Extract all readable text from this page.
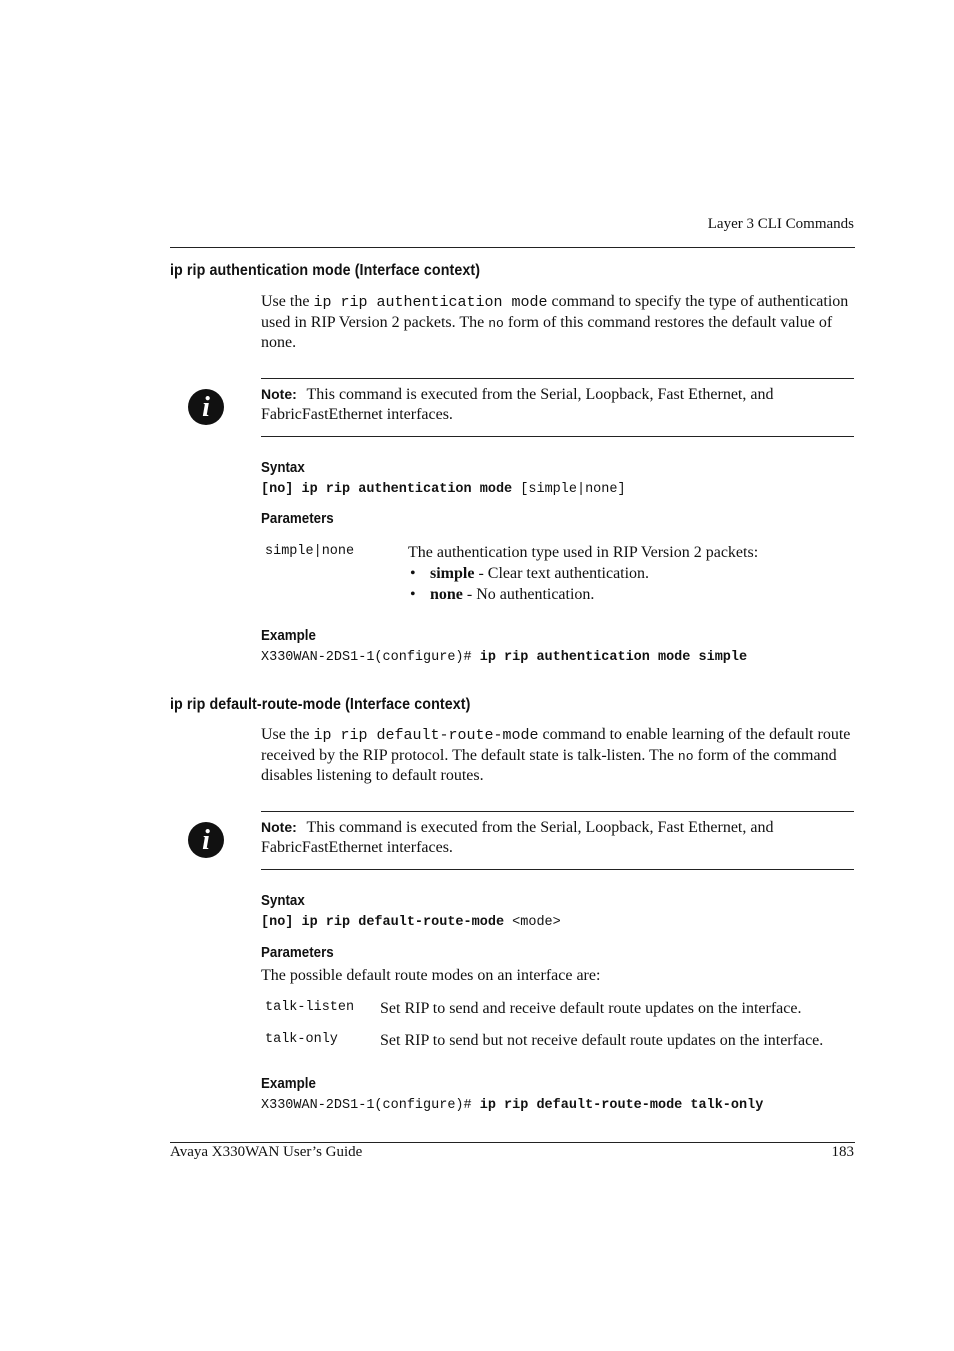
Layer 3 CLI Commands
ip rip authentication mode (Interface context)
Use the ip rip authentication mode command to specify the type of authentication used in RIP Version 2 packets. The no form of this command restores the default value of none.
i	Note: This command is executed from the Serial, Loopback, Fast Ethernet, and FabricFastEthernet interfaces.
Syntax
[no] ip rip authentication mode [simple|none]
Parameters
simple|none	The authentication type used in RIP Version 2 packets:
• simple - Clear text authentication.
• none - No authentication.
Example
X330WAN-2DS1-1(configure)# ip rip authentication mode simple
ip rip default-route-mode (Interface context)
Use the ip rip default-route-mode command to enable learning of the default route received by the RIP protocol. The default state is talk-listen. The no form of the command disables listening to default routes.
i	Note: This command is executed from the Serial, Loopback, Fast Ethernet, and FabricFastEthernet interfaces.
Syntax
[no] ip rip default-route-mode <mode>
Parameters
The possible default route modes on an interface are:
talk-listen Set RIP to send and receive default route updates on the interface.
talk-only	Set RIP to send but not receive default route updates on the interface.
Example
X330WAN-2DS1-1(configure)# ip rip default-route-mode talk-only
Avaya X330WAN User’s Guide	183
